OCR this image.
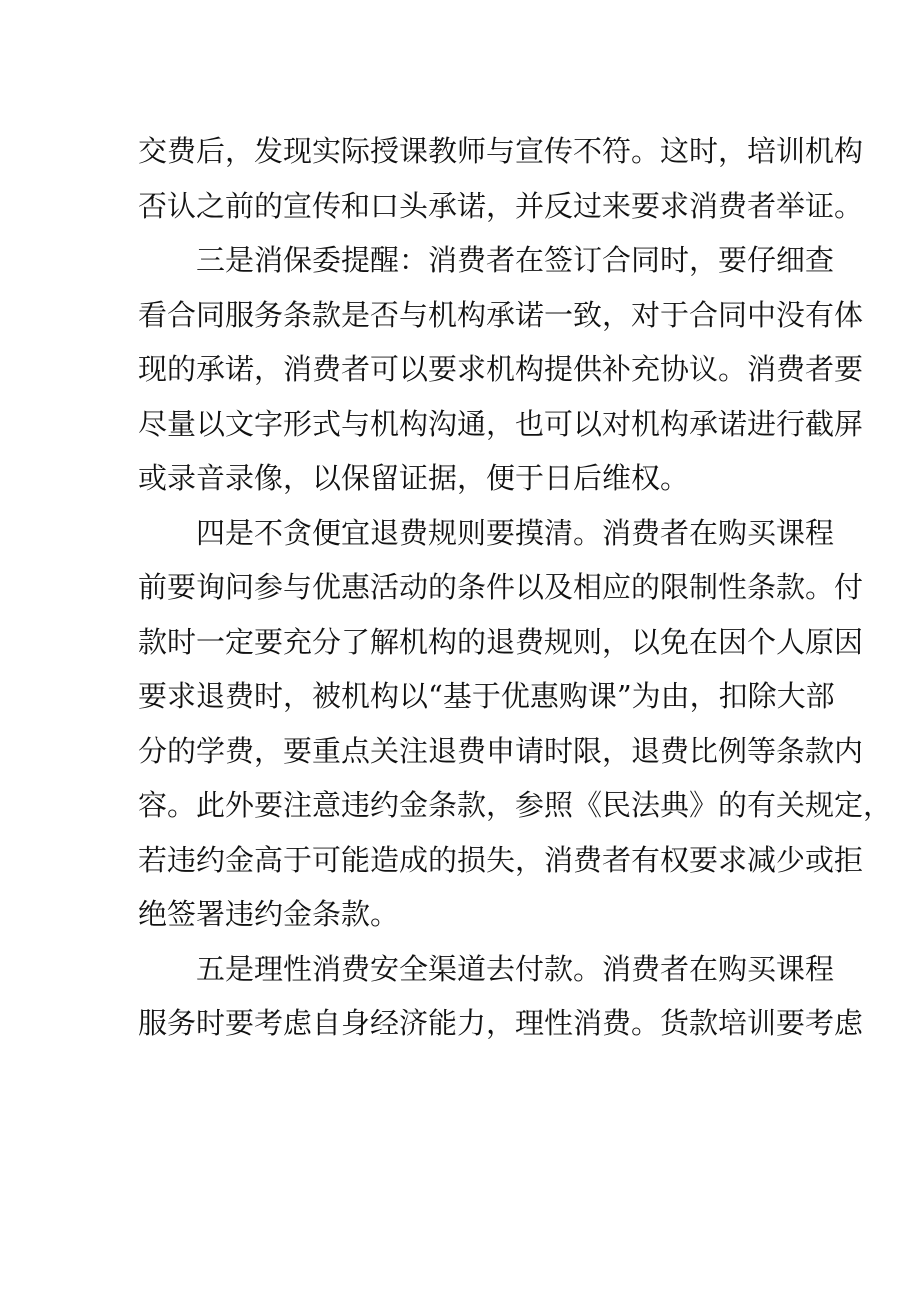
交费后，发现实际授课教师与宣传不符。这时，培训机构
否认之前的宣传和口头承诺，并反过来要求消费者举证。
三是消保委提醒：消费者在签订合同时，要仔细查
看合同服务条款是否与机构承诺一致，对于合同中没有体
现的承诺，消费者可以要求机构提供补充协议。消费者要
尽量以文字形式与机构沟通，也可以对机构承诺进行截屏
或录音录像，以保留证据，便于日后维权。
四是不贪便宜退费规则要摸清。消费者在购买课程
前要询问参与优惠活动的条件以及相应的限制性条款。付
款时一定要充分了解机构的退费规则，以免在因个人原因
要求退费时，被机构以“基于优惠购课”为由，扣除大部
分的学费，要重点关注退费申请时限，退费比例等条款内
容。此外要注意违约金条款，参照《民法典》的有关规定，
若违约金高于可能造成的损失，消费者有权要求减少或拒
绝签署违约金条款。
五是理性消费安全渠道去付款。消费者在购买课程
服务时要考虑自身经济能力，理性消费。货款培训要考虑
